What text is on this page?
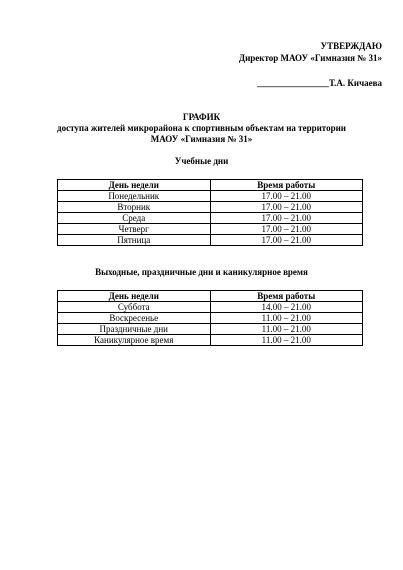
УТВЕРЖДАЮ
Директор МАОУ «Гимназия № 31»
________________Т.А. Кичаева
ГРАФИК
доступа жителей микрорайона к спортивным объектам на территории
МАОУ «Гимназия № 31»
Учебные дни
День недели	Время работы
Понедельник	17.00 – 21.00
Вторник	17.00 – 21.00
Среда	17.00 – 21.00
Четверг	17.00 – 21.00
Пятница	17.00 – 21.00
Выходные, праздничные дни и каникулярное время
День недели	Время работы
Суббота	14.00 – 21.00
Воскресенье	11.00 – 21.00
Праздничные дни	11.00 – 21.00
Каникулярное время	11.00 – 21.00
